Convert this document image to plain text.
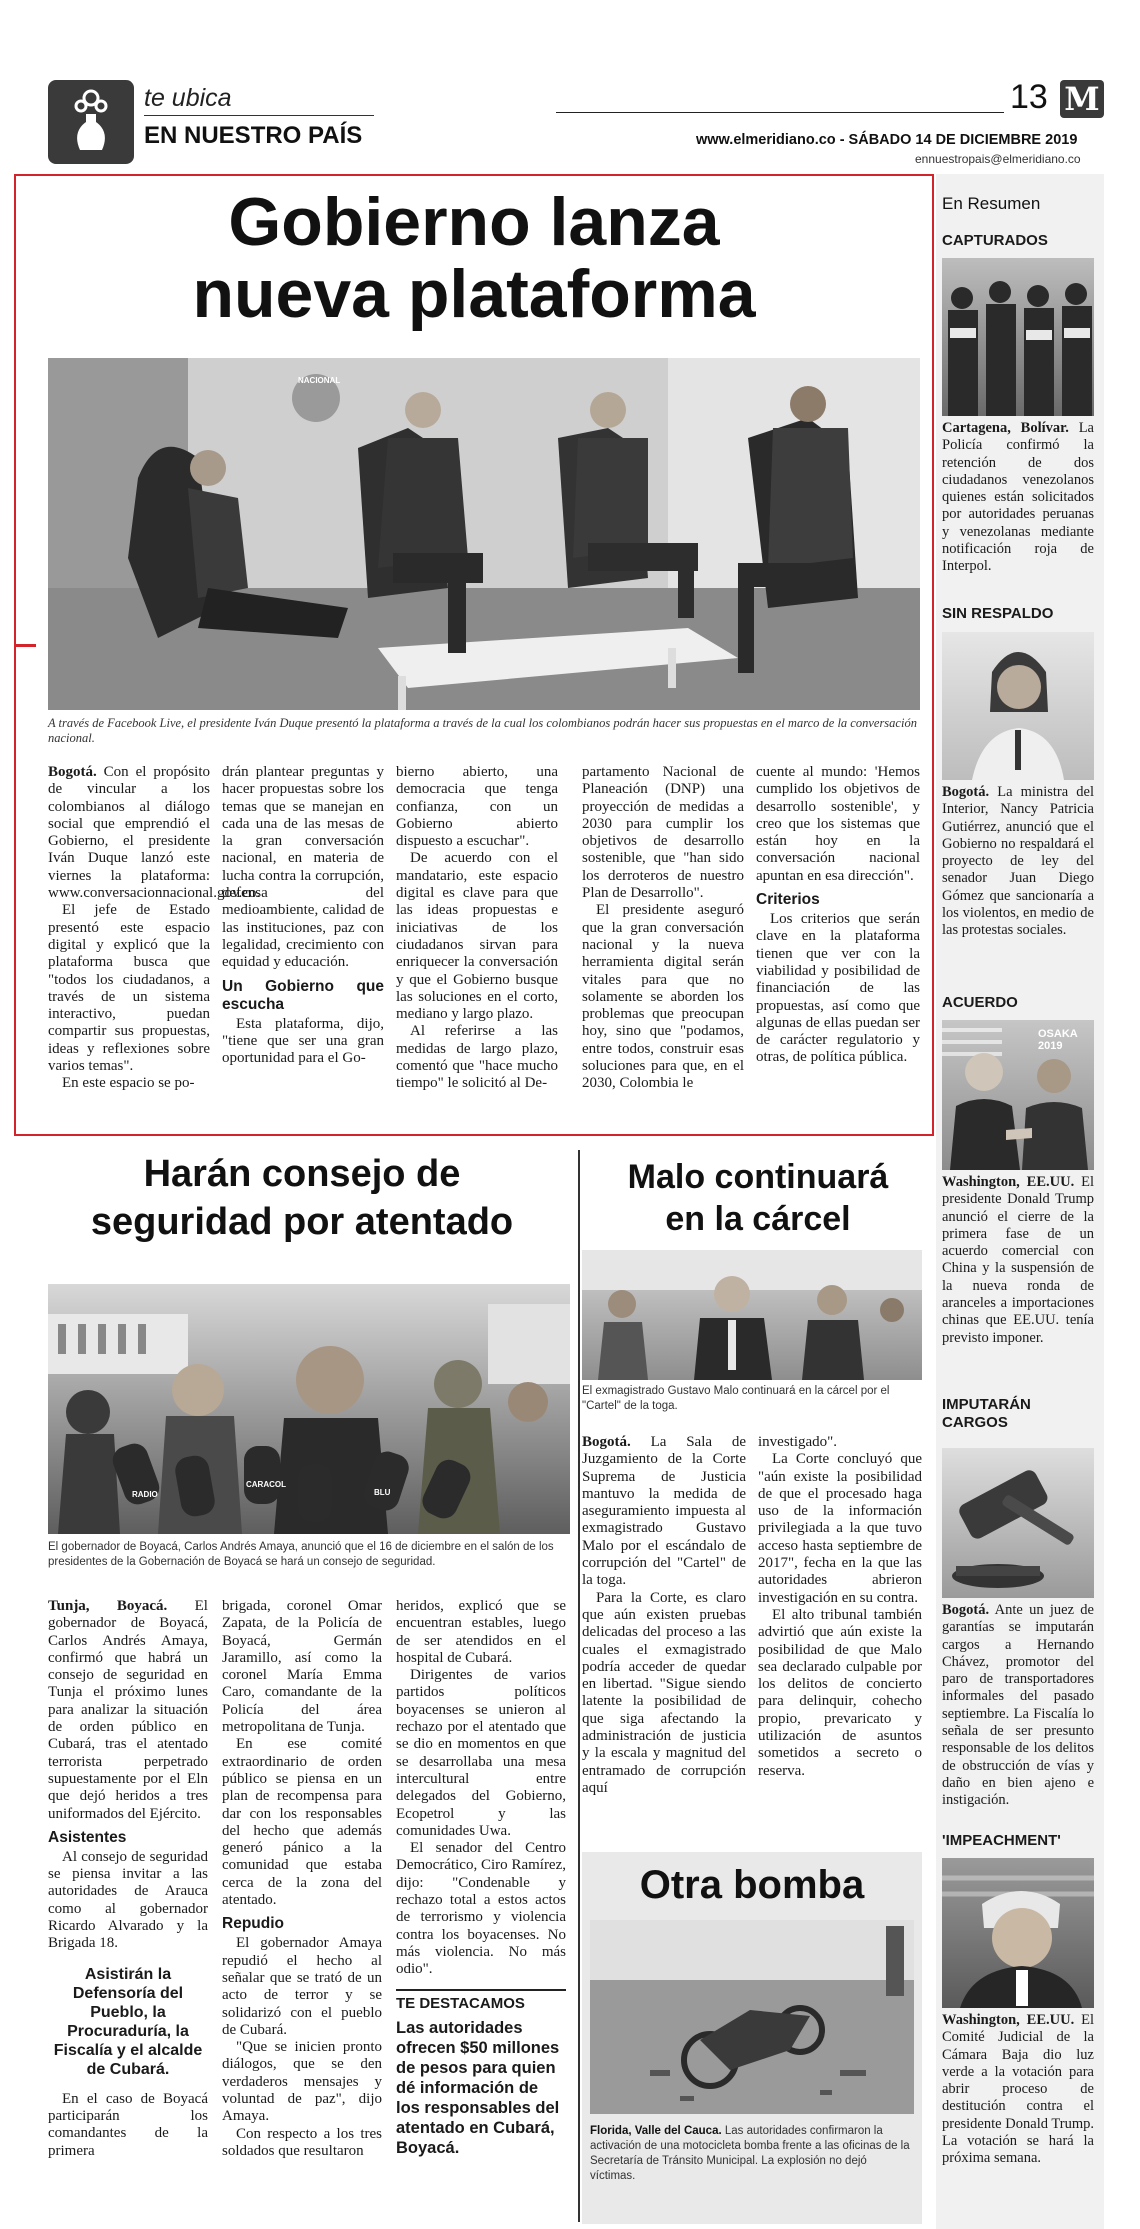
te ubica
EN NUESTRO PAÍS
13 M
www.elmeridiano.co - SÁBADO 14 DE DICIEMBRE 2019
ennuestropais@elmeridiano.co
Gobierno lanza
nueva plataforma
NACIONAL
A través de Facebook Live, el presidente Iván Duque presentó la plataforma a través de la cual los colombianos podrán hacer sus propuestas en el marco de la conversación nacional.

Bogotá. Con el propósito de vincular a los colombianos al diálogo social que emprendió el Gobierno, el presidente Iván Duque lanzó este viernes la plataforma: www.conversacionnacional.gov.co.

El jefe de Estado presentó este espacio digital y explicó que la plataforma busca que "todos los ciudadanos, a través de un sistema interactivo, puedan compartir sus propuestas, ideas y reflexiones sobre varios temas".

En este espacio se po-

drán plantear preguntas y hacer propuestas sobre los temas que se manejan en cada una de las mesas de la gran conversación nacional, en materia de lucha contra la corrupción, defensa del medioambiente, calidad de las instituciones, paz con legalidad, crecimiento con equidad y educación.

Un Gobierno que escucha

Esta plataforma, dijo, "tiene que ser una gran oportunidad para el Go-

bierno abierto, una democracia que tenga confianza, con un Gobierno abierto dispuesto a escuchar".

De acuerdo con el mandatario, este espacio digital es clave para que las ideas propuestas e iniciativas de los ciudadanos sirvan para enriquecer la conversación y que el Gobierno busque las soluciones en el corto, mediano y largo plazo.

Al referirse a las medidas de largo plazo, comentó que "hace mucho tiempo" le solicitó al De-

partamento Nacional de Planeación (DNP) una proyección de medidas a 2030 para cumplir los objetivos de desarrollo sostenible, que "han sido los derroteros de nuestro Plan de Desarrollo".

El presidente aseguró que la gran conversación nacional y la nueva herramienta digital serán vitales para que no solamente se aborden los problemas que preocupan hoy, sino que "podamos, entre todos, construir esas soluciones para que, en el 2030, Colombia le

cuente al mundo: 'Hemos cumplido los objetivos de desarrollo sostenible', y creo que los sistemas que están hoy en la conversación nacional apuntan en esa dirección".

Criterios

Los criterios que serán clave en la plataforma tienen que ver con la viabilidad y posibilidad de financiación de las propuestas, así como que algunas de ellas puedan ser de carácter regulatorio y otras, de política pública.

En Resumen
CAPTURADOS
Cartagena, Bolívar. La Policía confirmó la retención de dos ciudadanos venezolanos quienes están solicitados por autoridades peruanas y venezolanas mediante notificación roja de Interpol.
SIN RESPALDO
Bogotá. La ministra del Interior, Nancy Patricia Gutiérrez, anunció que el Gobierno no respaldará el proyecto de ley del senador Juan Diego Gómez que sancionaría a los violentos, en medio de las protestas sociales.
ACUERDO
OSAKA 2019
Washington, EE.UU. El presidente Donald Trump anunció el cierre de la primera fase de un acuerdo comercial con China y la suspensión de la nueva ronda de aranceles a importaciones chinas que EE.UU. tenía previsto imponer.
IMPUTARÁN CARGOS
Bogotá. Ante un juez de garantías se imputarán cargos a Hernando Chávez, promotor del paro de transportadores informales del pasado septiembre. La Fiscalía lo señala de ser presunto responsable de los delitos de obstrucción de vías y daño en bien ajeno e instigación.
'IMPEACHMENT'
Washington, EE.UU. El Comité Judicial de la Cámara Baja dio luz verde a la votación para abrir proceso de destitución contra el presidente Donald Trump. La votación se hará la próxima semana.
Harán consejo de
seguridad por atentado
RADIO
CARACOL
BLU
El gobernador de Boyacá, Carlos Andrés Amaya, anunció que el 16 de diciembre en el salón de los presidentes de la Gobernación de Boyacá se hará un consejo de seguridad.

Tunja, Boyacá. El gobernador de Boyacá, Carlos Andrés Amaya, confirmó que habrá un consejo de seguridad en Tunja el próximo lunes para analizar la situación de orden público en Cubará, tras el atentado terrorista perpetrado supuestamente por el Eln que dejó heridos a tres uniformados del Ejército.

Asistentes

Al consejo de seguridad se piensa invitar a las autoridades de Arauca como al gobernador Ricardo Alvarado y la Brigada 18.

Asistirán la Defensoría del Pueblo, la Procuraduría, la Fiscalía y el alcalde de Cubará.

En el caso de Boyacá participarán los comandantes de la primera

brigada, coronel Omar Zapata, de la Policía de Boyacá, Germán Jaramillo, así como la coronel María Emma Caro, comandante de la Policía del área metropolitana de Tunja.

En ese comité extraordinario de orden público se piensa en un plan de recompensa para dar con los responsables del hecho que además generó pánico a la comunidad que estaba cerca de la zona del atentado.

Repudio

El gobernador Amaya repudió el hecho al señalar que se trató de un acto de terror y se solidarizó con el pueblo de Cubará.

"Que se inicien pronto diálogos, que se den verdaderos mensajes y voluntad de paz", dijo Amaya.

Con respecto a los tres soldados que resultaron

heridos, explicó que se encuentran estables, luego de ser atendidos en el hospital de Cubará.

Dirigentes de varios partidos políticos boyacenses se unieron al rechazo por el atentado que se dio en momentos en que se desarrollaba una mesa intercultural entre delegados del Gobierno, Ecopetrol y las comunidades Uwa.

El senador del Centro Democrático, Ciro Ramírez, dijo: "Condenable y rechazo total a estos actos de terrorismo y violencia contra los boyacenses. No más violencia. No más odio".

TE DESTACAMOS
Las autoridades ofrecen $50 millones de pesos para quien dé información de los responsables del atentado en Cubará, Boyacá.
Malo continuará
en la cárcel
El exmagistrado Gustavo Malo continuará en la cárcel por el "Cartel" de la toga.

Bogotá. La Sala de Juzgamiento de la Corte Suprema de Justicia mantuvo la medida de aseguramiento impuesta al exmagistrado Gustavo Malo por el escándalo de corrupción del "Cartel" de la toga.

Para la Corte, es claro que aún existen pruebas delicadas del proceso a las cuales el exmagistrado podría acceder de quedar en libertad. "Sigue siendo latente la posibilidad de que siga afectando la administración de justicia y la escala y magnitud del entramado de corrupción aquí

investigado".

La Corte concluyó que "aún existe la posibilidad de que el procesado haga uso de la información privilegiada a la que tuvo acceso hasta septiembre de 2017", fecha en la que las autoridades abrieron investigación en su contra.

El alto tribunal también advirtió que aún existe la posibilidad de que Malo sea declarado culpable por los delitos de concierto para delinquir, cohecho propio, prevaricato y utilización de asuntos sometidos a secreto o reserva.

Otra bomba
Florida, Valle del Cauca. Las autoridades confirmaron la activación de una motocicleta bomba frente a las oficinas de la Secretaría de Tránsito Municipal. La explosión no dejó víctimas.
